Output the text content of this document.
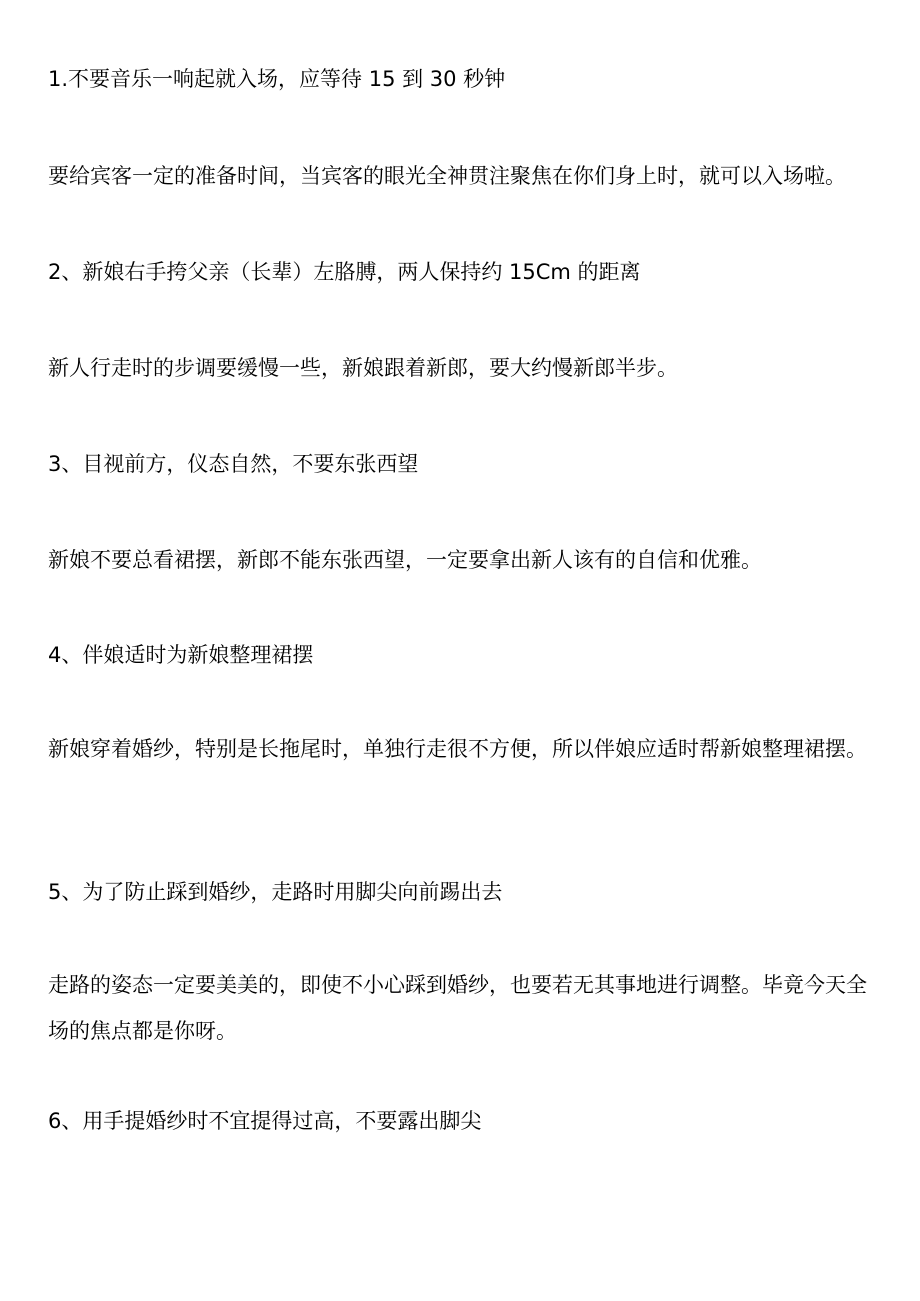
1.不要音乐一响起就入场，应等待 15 到 30 秒钟
要给宾客一定的准备时间，当宾客的眼光全神贯注聚焦在你们身上时，就可以入场啦。
2、新娘右手挎父亲（长辈）左胳膊，两人保持约 15Cm 的距离
新人行走时的步调要缓慢一些，新娘跟着新郎，要大约慢新郎半步。
3、目视前方，仪态自然，不要东张西望
新娘不要总看裙摆，新郎不能东张西望，一定要拿出新人该有的自信和优雅。
4、伴娘适时为新娘整理裙摆
新娘穿着婚纱，特别是长拖尾时，单独行走很不方便，所以伴娘应适时帮新娘整理裙摆。
5、为了防止踩到婚纱，走路时用脚尖向前踢出去
走路的姿态一定要美美的，即使不小心踩到婚纱，也要若无其事地进行调整。毕竟今天全场的焦点都是你呀。
6、用手提婚纱时不宜提得过高，不要露出脚尖
